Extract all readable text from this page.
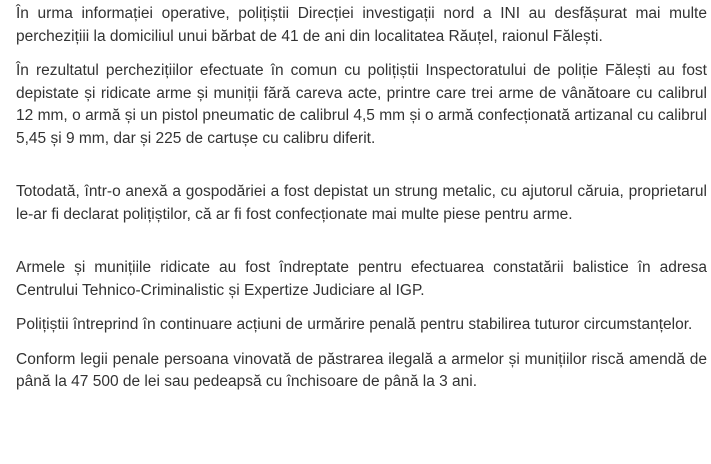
În urma informației operative, polițiștii Direcției investigații nord a INI au desfășurat mai multe perchezițiii la domiciliul unui bărbat de 41 de ani din localitatea Răuțel, raionul Fălești.

În rezultatul perchezițiilor efectuate în comun cu polițiștii Inspectoratului de poliție Fălești au fost depistate și ridicate arme și muniții fără careva acte, printre care trei arme de vânătoare cu calibrul 12 mm, o armă și un pistol pneumatic de calibrul 4,5 mm și o armă confecționată artizanal cu calibrul 5,45 și 9 mm, dar și 225 de cartușe cu calibru diferit.

Totodată, într-o anexă a gospodăriei a fost depistat un strung metalic, cu ajutorul căruia, proprietarul le-ar fi declarat polițiștilor, că ar fi fost confecționate mai multe piese pentru arme.

Armele și munițiile ridicate au fost îndreptate pentru efectuarea constatării balistice în adresa Centrului Tehnico-Criminalistic și Expertize Judiciare al IGP.

Polițiștii întreprind în continuare acțiuni de urmărire penală pentru stabilirea tuturor circumstanțelor.

Conform legii penale persoana vinovată de păstrarea ilegală a armelor și munițiilor riscă amendă de până la 47 500 de lei sau pedeapsă cu închisoare de până la 3 ani.
